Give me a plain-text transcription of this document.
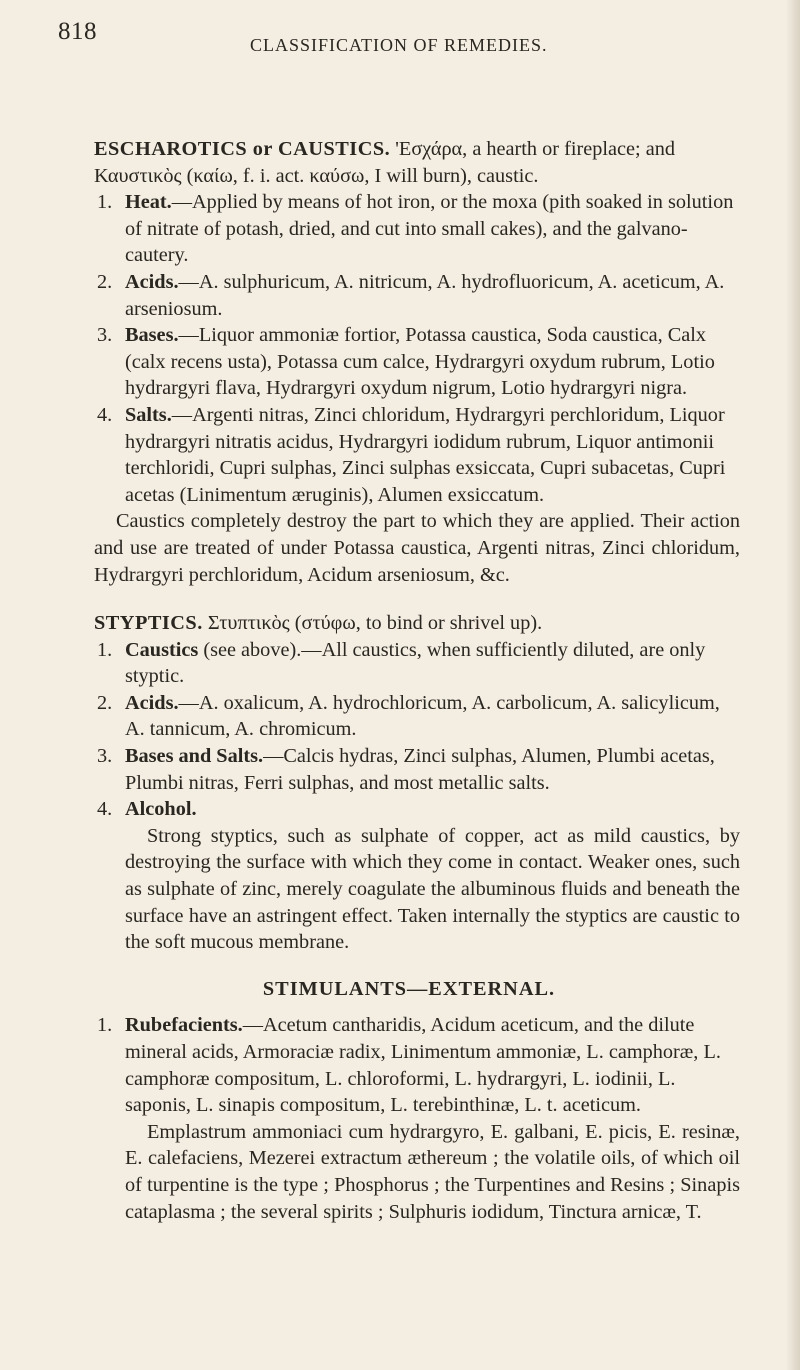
818	CLASSIFICATION OF REMEDIES.

ESCHAROTICS or CAUSTICS. 'Εσχάρα, a hearth or fireplace; and Καυστικὸς (καίω, f. i. act. καύσω, I will burn), caustic.

1. Heat.—Applied by means of hot iron, or the moxa (pith soaked in solution of nitrate of potash, dried, and cut into small cakes), and the galvano-cautery.
2. Acids.—A. sulphuricum, A. nitricum, A. hydrofluoricum, A. aceticum, A. arseniosum.
3. Bases.—Liquor ammoniæ fortior, Potassa caustica, Soda caustica, Calx (calx recens usta), Potassa cum calce, Hydrargyri oxydum rubrum, Lotio hydrargyri flava, Hydrargyri oxydum nigrum, Lotio hydrargyri nigra.
4. Salts.—Argenti nitras, Zinci chloridum, Hydrargyri perchloridum, Liquor hydrargyri nitratis acidus, Hydrargyri iodidum rubrum, Liquor antimonii terchloridi, Cupri sulphas, Zinci sulphas exsiccata, Cupri subacetas, Cupri acetas (Linimentum æruginis), Alumen exsiccatum.

Caustics completely destroy the part to which they are applied. Their action and use are treated of under Potassa caustica, Argenti nitras, Zinci chloridum, Hydrargyri perchloridum, Acidum arseniosum, &c.

STYPTICS. Στυπτικὸς (στύφω, to bind or shrivel up).

1. Caustics (see above).—All caustics, when sufficiently diluted, are only styptic.
2. Acids.—A. oxalicum, A. hydrochloricum, A. carbolicum, A. salicylicum, A. tannicum, A. chromicum.
3. Bases and Salts.—Calcis hydras, Zinci sulphas, Alumen, Plumbi acetas, Plumbi nitras, Ferri sulphas, and most metallic salts.
4. Alcohol.

Strong styptics, such as sulphate of copper, act as mild caustics, by destroying the surface with which they come in contact. Weaker ones, such as sulphate of zinc, merely coagulate the albuminous fluids and beneath the surface have an astringent effect. Taken internally the styptics are caustic to the soft mucous membrane.

STIMULANTS—EXTERNAL.
1. Rubefacients.—Acetum cantharidis, Acidum aceticum, and the dilute mineral acids, Armoraciæ radix, Linimentum ammoniæ, L. camphoræ, L. camphoræ compositum, L. chloroformi, L. hydrargyri, L. iodinii, L. saponis, L. sinapis compositum, L. terebinthinæ, L. t. aceticum.

Emplastrum ammoniaci cum hydrargyro, E. galbani, E. picis, E. resinæ, E. calefaciens, Mezerei extractum æthereum ; the volatile oils, of which oil of turpentine is the type ; Phosphorus ; the Turpentines and Resins ; Sinapis cataplasma ; the several spirits ; Sulphuris iodidum, Tinctura arnicæ, T.
